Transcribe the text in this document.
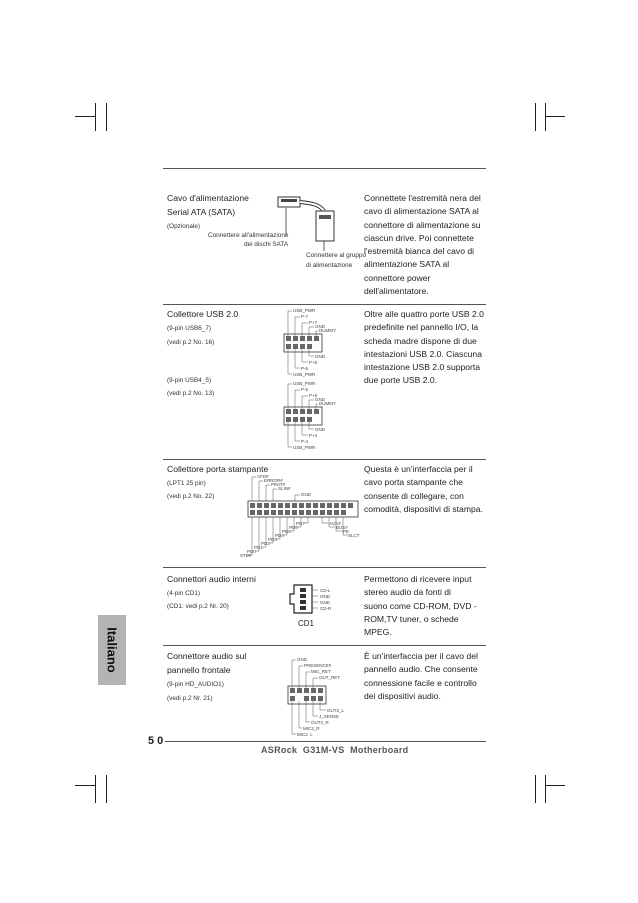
Italiano
Cavo d'alimentazione
Serial ATA (SATA)
(Opzionale)
Connettere all'alimentazione
dei dischi SATA
Connettere al gruppo
di alimentazione
Connettete l'estremità nera del
cavo di alimentazione SATA al
connettore di alimentazione su
ciascun drive. Poi connettete
l'estremità bianca del cavo di
alimentazione SATA al
connettore power
dell'alimentatore.
Collettore USB 2.0
(9-pin USB6_7)
(vedi p.2 No. 16)
(9-pin USB4_5)
(vedi p.2 No. 13)
USB_PWR
P-7
P+7
GND
DUMMY
GND
P+6
P-6
USB_PWR
USB_PWR
P-5
P+5
GND
DUMMY
GND
P+4
P-4
USB_PWR
Oltre alle quattro porte USB 2.0
predefinite nel pannello I/O, la
scheda madre dispone di due
intestazioni USB 2.0. Ciascuna
intestazione USB 2.0 supporta
due porte USB 2.0.
Collettore porta stampante
(LPT1 25 pin)
(vedi p.2 No. 22)
AFD#
ERROR#
PINIT#
SLIN#
GND
STB#
PD0
PD1
PD2
PD3
PD4
PD5
PD6
PD7	ACK#
BUSY
PE
SLCT
Questa è un'interfaccia per il
cavo porta stampante che
consente di collegare, con
comodità, dispositivi di stampa.
Connettori audio interni
(4-pin CD1)
(CD1: vedi p.2 Nr. 20)
CD-L
GND
GND
CD-R
CD1
Permettono di ricevere input
stereo audio da fonti di
suono come CD-ROM, DVD -
ROM,TV tuner, o schede
MPEG.
Connettore audio sul
pannello frontale
(9-pin HD_AUDIO1)
(vedi p.2 Nr. 21)
GND
PRESENCE#
MIC_RET
OUT_RET
OUT2_L
J_SENSE
OUT2_R
MIC2_R
MIC2_L
È un'interfaccia per il cavo del
pannello audio. Che consente
connessione facile e controllo
dei dispositivi audio.
5 0
ASRock  G31M-VS  Motherboard
